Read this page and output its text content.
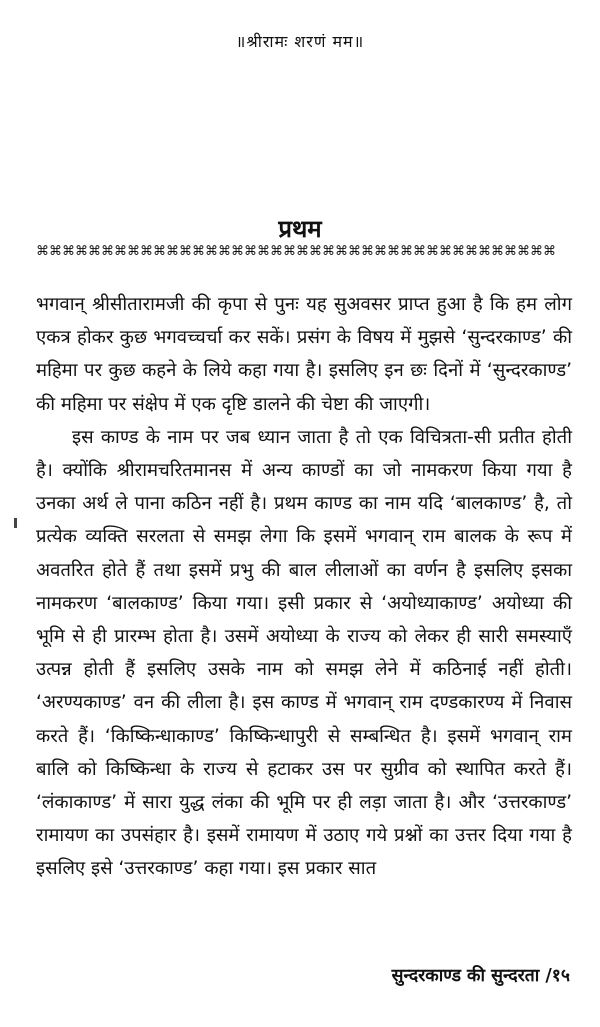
॥श्रीरामः शरणं मम॥
प्रथम
⌘⌘⌘⌘⌘⌘⌘⌘⌘⌘⌘⌘⌘⌘⌘⌘⌘⌘⌘⌘⌘⌘⌘⌘⌘⌘⌘⌘⌘⌘⌘⌘⌘⌘⌘⌘⌘⌘⌘⌘

भगवान् श्रीसीतारामजी की कृपा से पुनः यह सुअवसर प्राप्त हुआ है कि हम लोग एकत्र होकर कुछ भगवच्चर्चा कर सकें। प्रसंग के विषय में मुझसे ‘सुन्दरकाण्ड’ की महिमा पर कुछ कहने के लिये कहा गया है। इसलिए इन छः दिनों में ‘सुन्दरकाण्ड’ की महिमा पर संक्षेप में एक दृष्टि डालने की चेष्टा की जाएगी।

इस काण्ड के नाम पर जब ध्यान जाता है तो एक विचित्रता-सी प्रतीत होती है। क्योंकि श्रीरामचरितमानस में अन्य काण्डों का जो नामकरण किया गया है उनका अर्थ ले पाना कठिन नहीं है। प्रथम काण्ड का नाम यदि ‘बालकाण्ड’ है, तो प्रत्येक व्यक्ति सरलता से समझ लेगा कि इसमें भगवान् राम बालक के रूप में अवतरित होते हैं तथा इसमें प्रभु की बाल लीलाओं का वर्णन है इसलिए इसका नामकरण ‘बालकाण्ड’ किया गया। इसी प्रकार से ‘अयोध्याकाण्ड’ अयोध्या की भूमि से ही प्रारम्भ होता है। उसमें अयोध्या के राज्य को लेकर ही सारी समस्याएँ उत्पन्न होती हैं इसलिए उसके नाम को समझ लेने में कठिनाई नहीं होती। ‘अरण्यकाण्ड’ वन की लीला है। इस काण्ड में भगवान् राम दण्डकारण्य में निवास करते हैं। ‘किष्किन्धाकाण्ड’ किष्किन्धापुरी से सम्बन्धित है। इसमें भगवान् राम बालि को किष्किन्धा के राज्य से हटाकर उस पर सुग्रीव को स्थापित करते हैं। ‘लंकाकाण्ड’ में सारा युद्ध लंका की भूमि पर ही लड़ा जाता है। और ‘उत्तरकाण्ड’ रामायण का उपसंहार है। इसमें रामायण में उठाए गये प्रश्नों का उत्तर दिया गया है इसलिए इसे ‘उत्तरकाण्ड’ कहा गया। इस प्रकार सात

सुन्दरकाण्ड की सुन्दरता /१५
